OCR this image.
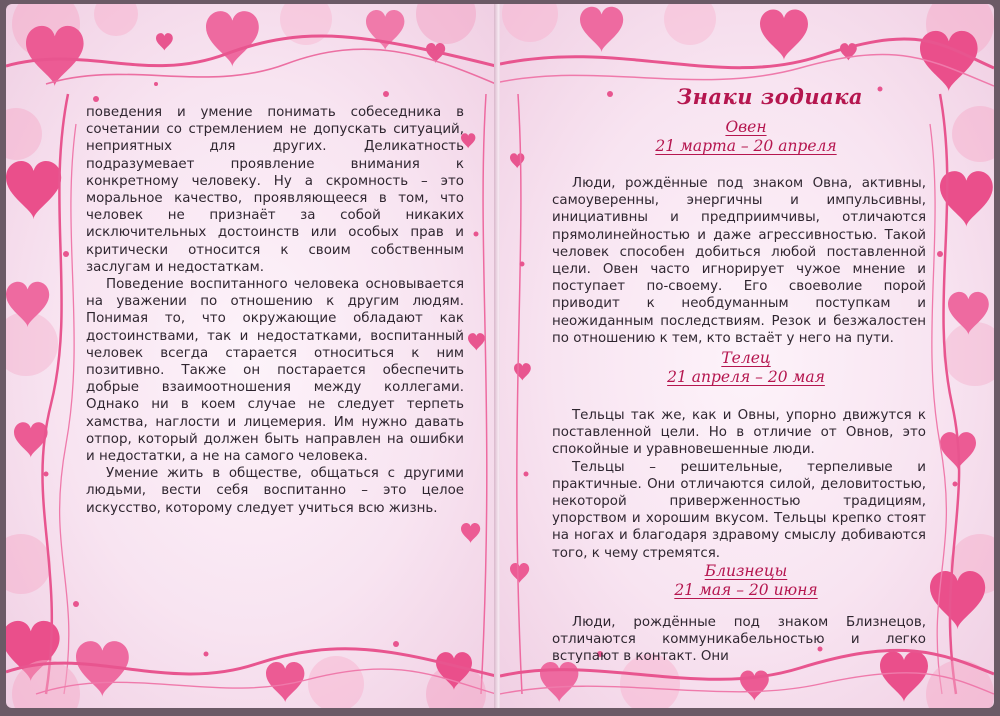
поведения и умение понимать собеседника в сочетании со стремлением не допускать ситуаций, неприятных для других. Деликатность подразумевает проявление внимания к конкретному человеку. Ну а скромность – это моральное качество, проявляющееся в том, что человек не признаёт за собой никаких исключительных достоинств или особых прав и критически относится к своим собственным заслугам и недостаткам.

Поведение воспитанного человека основывается на уважении по отношению к другим людям. Понимая то, что окружающие обладают как достоинствами, так и недостатками, воспитанный человек всегда старается относиться к ним позитивно. Также он постарается обеспечить добрые взаимоотношения между коллегами. Однако ни в коем случае не следует терпеть хамства, наглости и лицемерия. Им нужно давать отпор, который должен быть направлен на ошибки и недостатки, а не на самого человека.

Умение жить в обществе, общаться с другими людьми, вести себя воспитанно – это целое искусство, которому следует учиться всю жизнь.

Знаки зодиака
Овен
21 марта – 20 апреля

Люди, рождённые под знаком Овна, активны, самоуверенны, энергичны и импульсивны, инициативны и предприимчивы, отличаются прямолинейностью и даже агрессивностью. Такой человек способен добиться любой поставленной цели. Овен часто игнорирует чужое мнение и поступает по-своему. Его своеволие порой приводит к необдуманным поступкам и неожиданным последствиям. Резок и безжалостен по отношению к тем, кто встаёт у него на пути.

Телец
21 апреля – 20 мая

Тельцы так же, как и Овны, упорно движутся к поставленной цели. Но в отличие от Овнов, это спокойные и уравновешенные люди.

Тельцы – решительные, терпеливые и практичные. Они отличаются силой, деловитостью, некоторой приверженностью традициям, упорством и хорошим вкусом. Тельцы крепко стоят на ногах и благодаря здравому смыслу добиваются того, к чему стремятся.

Близнецы
21 мая – 20 июня

Люди, рождённые под знаком Близнецов, отличаются коммуникабельностью и легко вступают в контакт. Они
